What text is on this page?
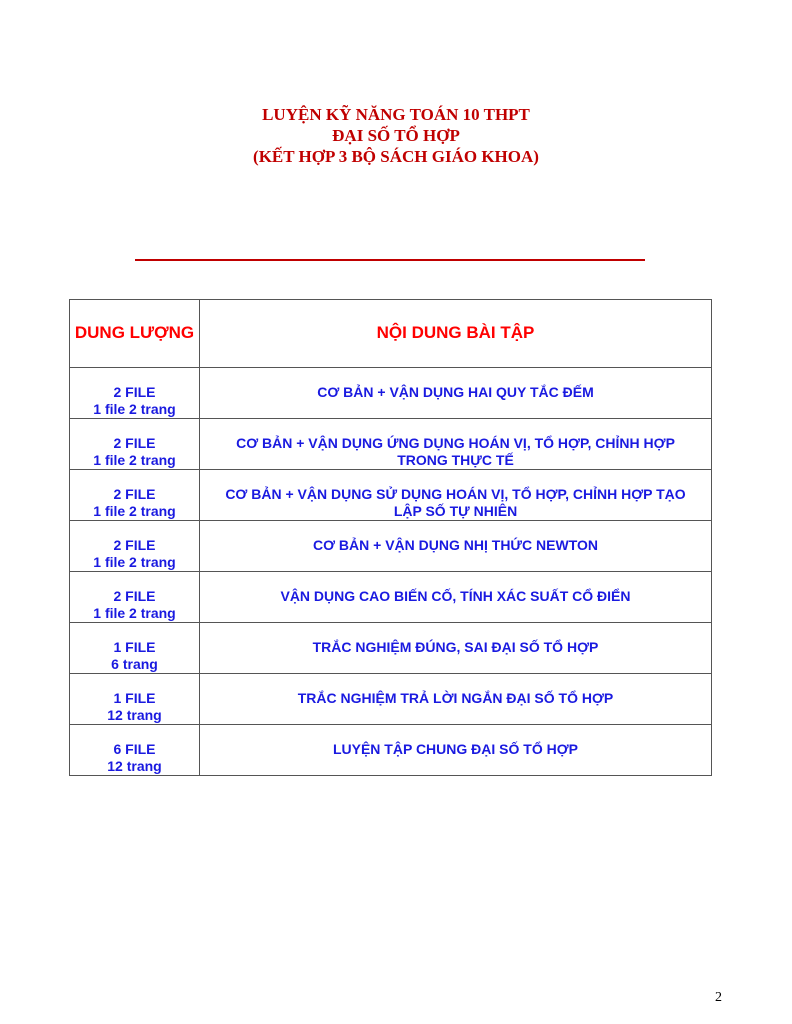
LUYỆN KỸ NĂNG TOÁN 10 THPT
ĐẠI SỐ TỔ HỢP
(KẾT HỢP 3 BỘ SÁCH GIÁO KHOA)
DUNG LƯỢNG	NỘI DUNG BÀI TẬP

2 FILE
1 file 2 trang	CƠ BẢN + VẬN DỤNG HAI QUY TẮC ĐẾM

2 FILE
1 file 2 trang	CƠ BẢN + VẬN DỤNG ỨNG DỤNG HOÁN VỊ, TỔ HỢP, CHỈNH HỢP TRONG THỰC TẾ

2 FILE
1 file 2 trang	CƠ BẢN + VẬN DỤNG SỬ DỤNG HOÁN VỊ, TỔ HỢP, CHỈNH HỢP TẠO LẬP SỐ TỰ NHIÊN

2 FILE
1 file 2 trang	CƠ BẢN + VẬN DỤNG NHỊ THỨC NEWTON

2 FILE
1 file 2 trang	VẬN DỤNG CAO BIẾN CỐ, TÍNH XÁC SUẤT CỔ ĐIỂN

1 FILE
6 trang	TRẮC NGHIỆM ĐÚNG, SAI ĐẠI SỐ TỔ HỢP

1 FILE
12 trang	TRẮC NGHIỆM TRẢ LỜI NGẮN ĐẠI SỐ TỔ HỢP

6 FILE
12 trang	LUYỆN TẬP CHUNG ĐẠI SỐ TỔ HỢP
2
